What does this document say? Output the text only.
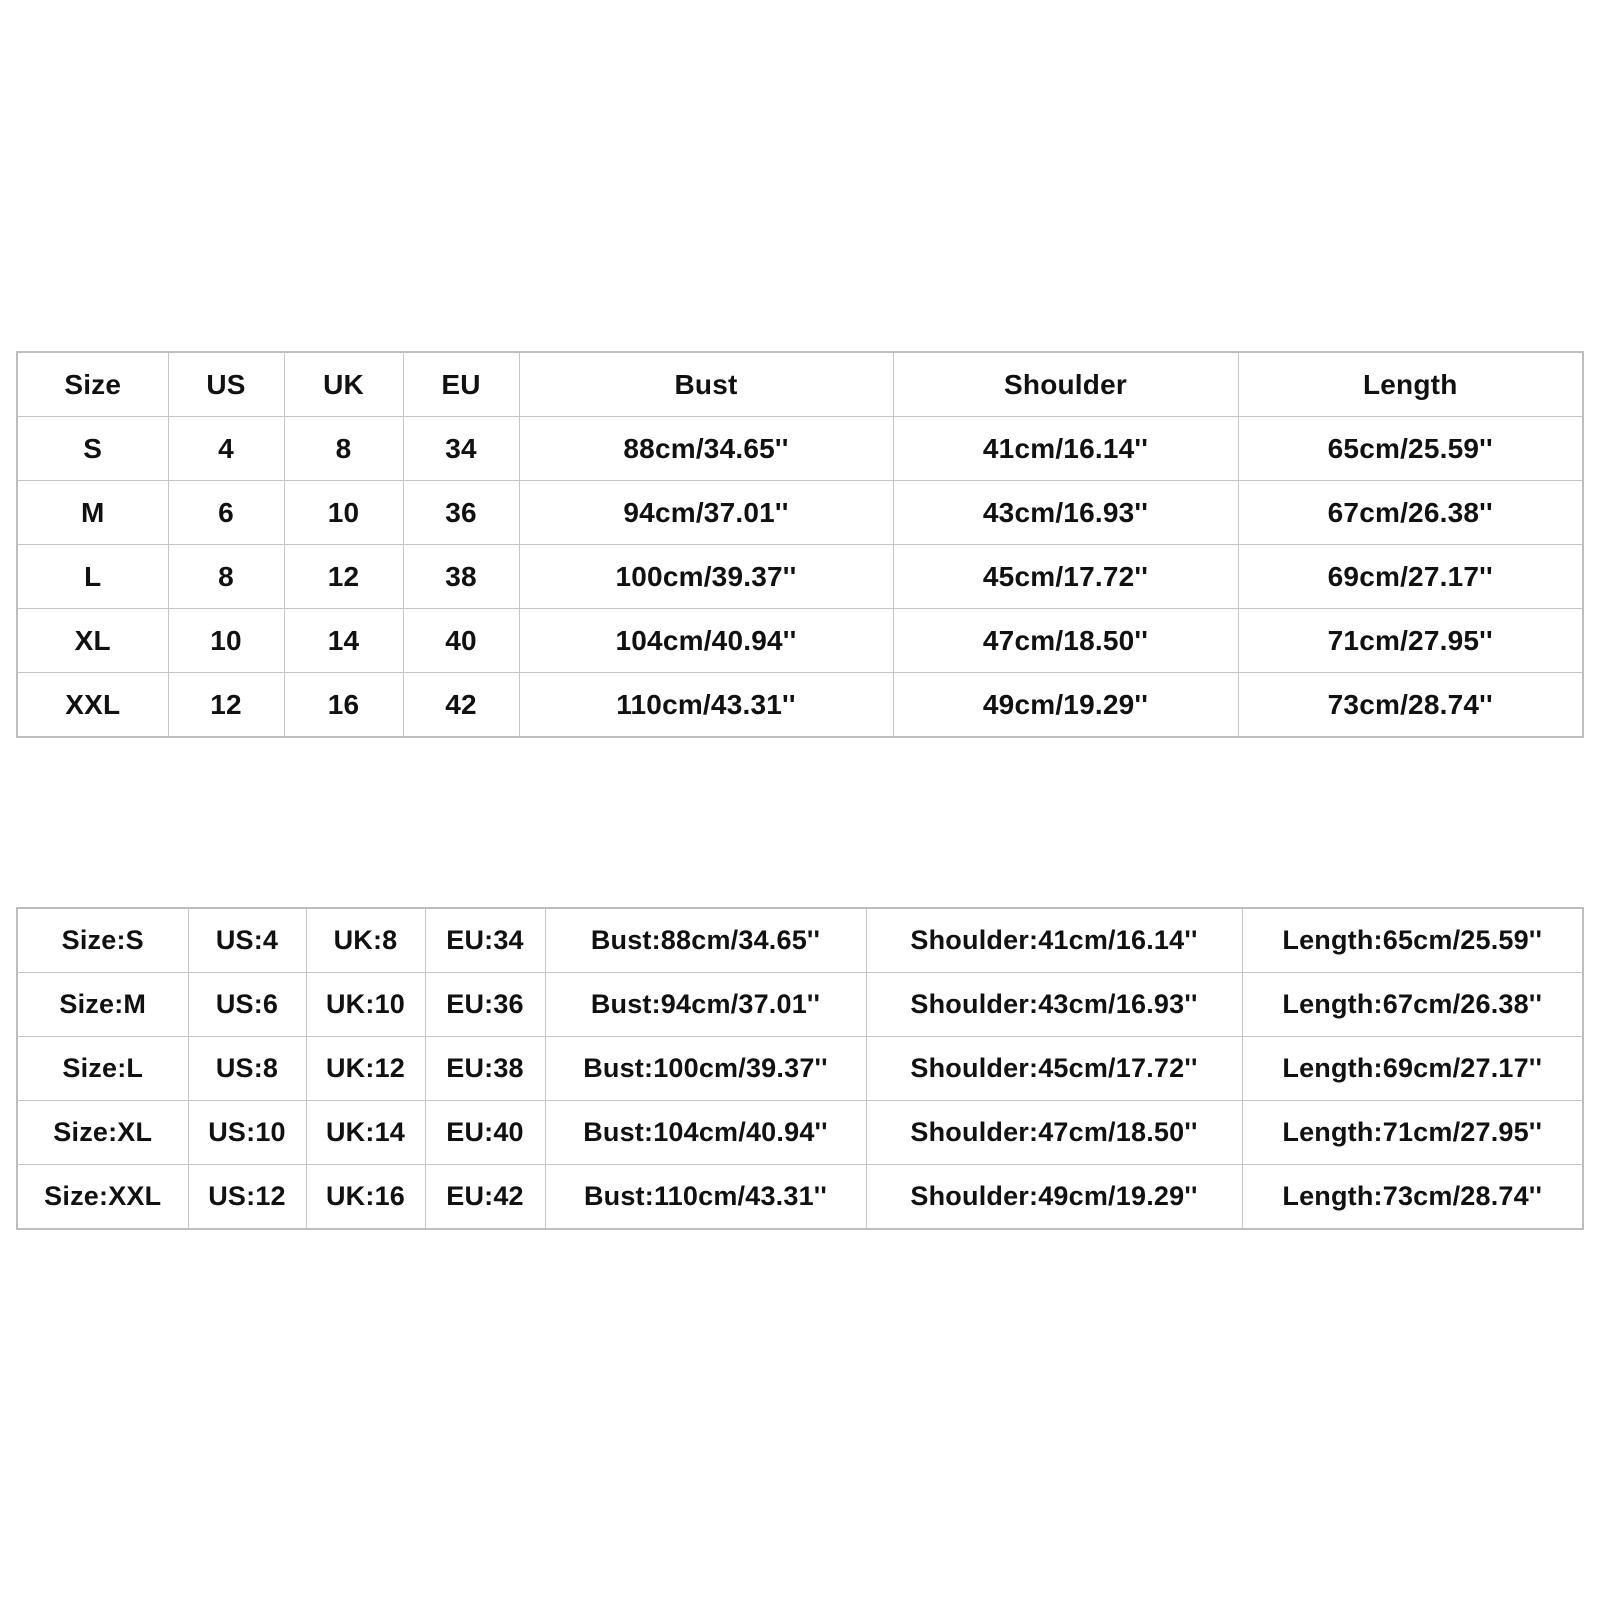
Size	US	UK	EU	Bust	Shoulder	Length
S	4	8	34	88cm/34.65''	41cm/16.14''	65cm/25.59''
M	6	10	36	94cm/37.01''	43cm/16.93''	67cm/26.38''
L	8	12	38	100cm/39.37''	45cm/17.72''	69cm/27.17''
XL	10	14	40	104cm/40.94''	47cm/18.50''	71cm/27.95''
XXL	12	16	42	110cm/43.31''	49cm/19.29''	73cm/28.74''
Size:S	US:4	UK:8	EU:34	Bust:88cm/34.65''	Shoulder:41cm/16.14''	Length:65cm/25.59''
Size:M	US:6	UK:10	EU:36	Bust:94cm/37.01''	Shoulder:43cm/16.93''	Length:67cm/26.38''
Size:L	US:8	UK:12	EU:38	Bust:100cm/39.37''	Shoulder:45cm/17.72''	Length:69cm/27.17''
Size:XL	US:10	UK:14	EU:40	Bust:104cm/40.94''	Shoulder:47cm/18.50''	Length:71cm/27.95''
Size:XXL	US:12	UK:16	EU:42	Bust:110cm/43.31''	Shoulder:49cm/19.29''	Length:73cm/28.74''
